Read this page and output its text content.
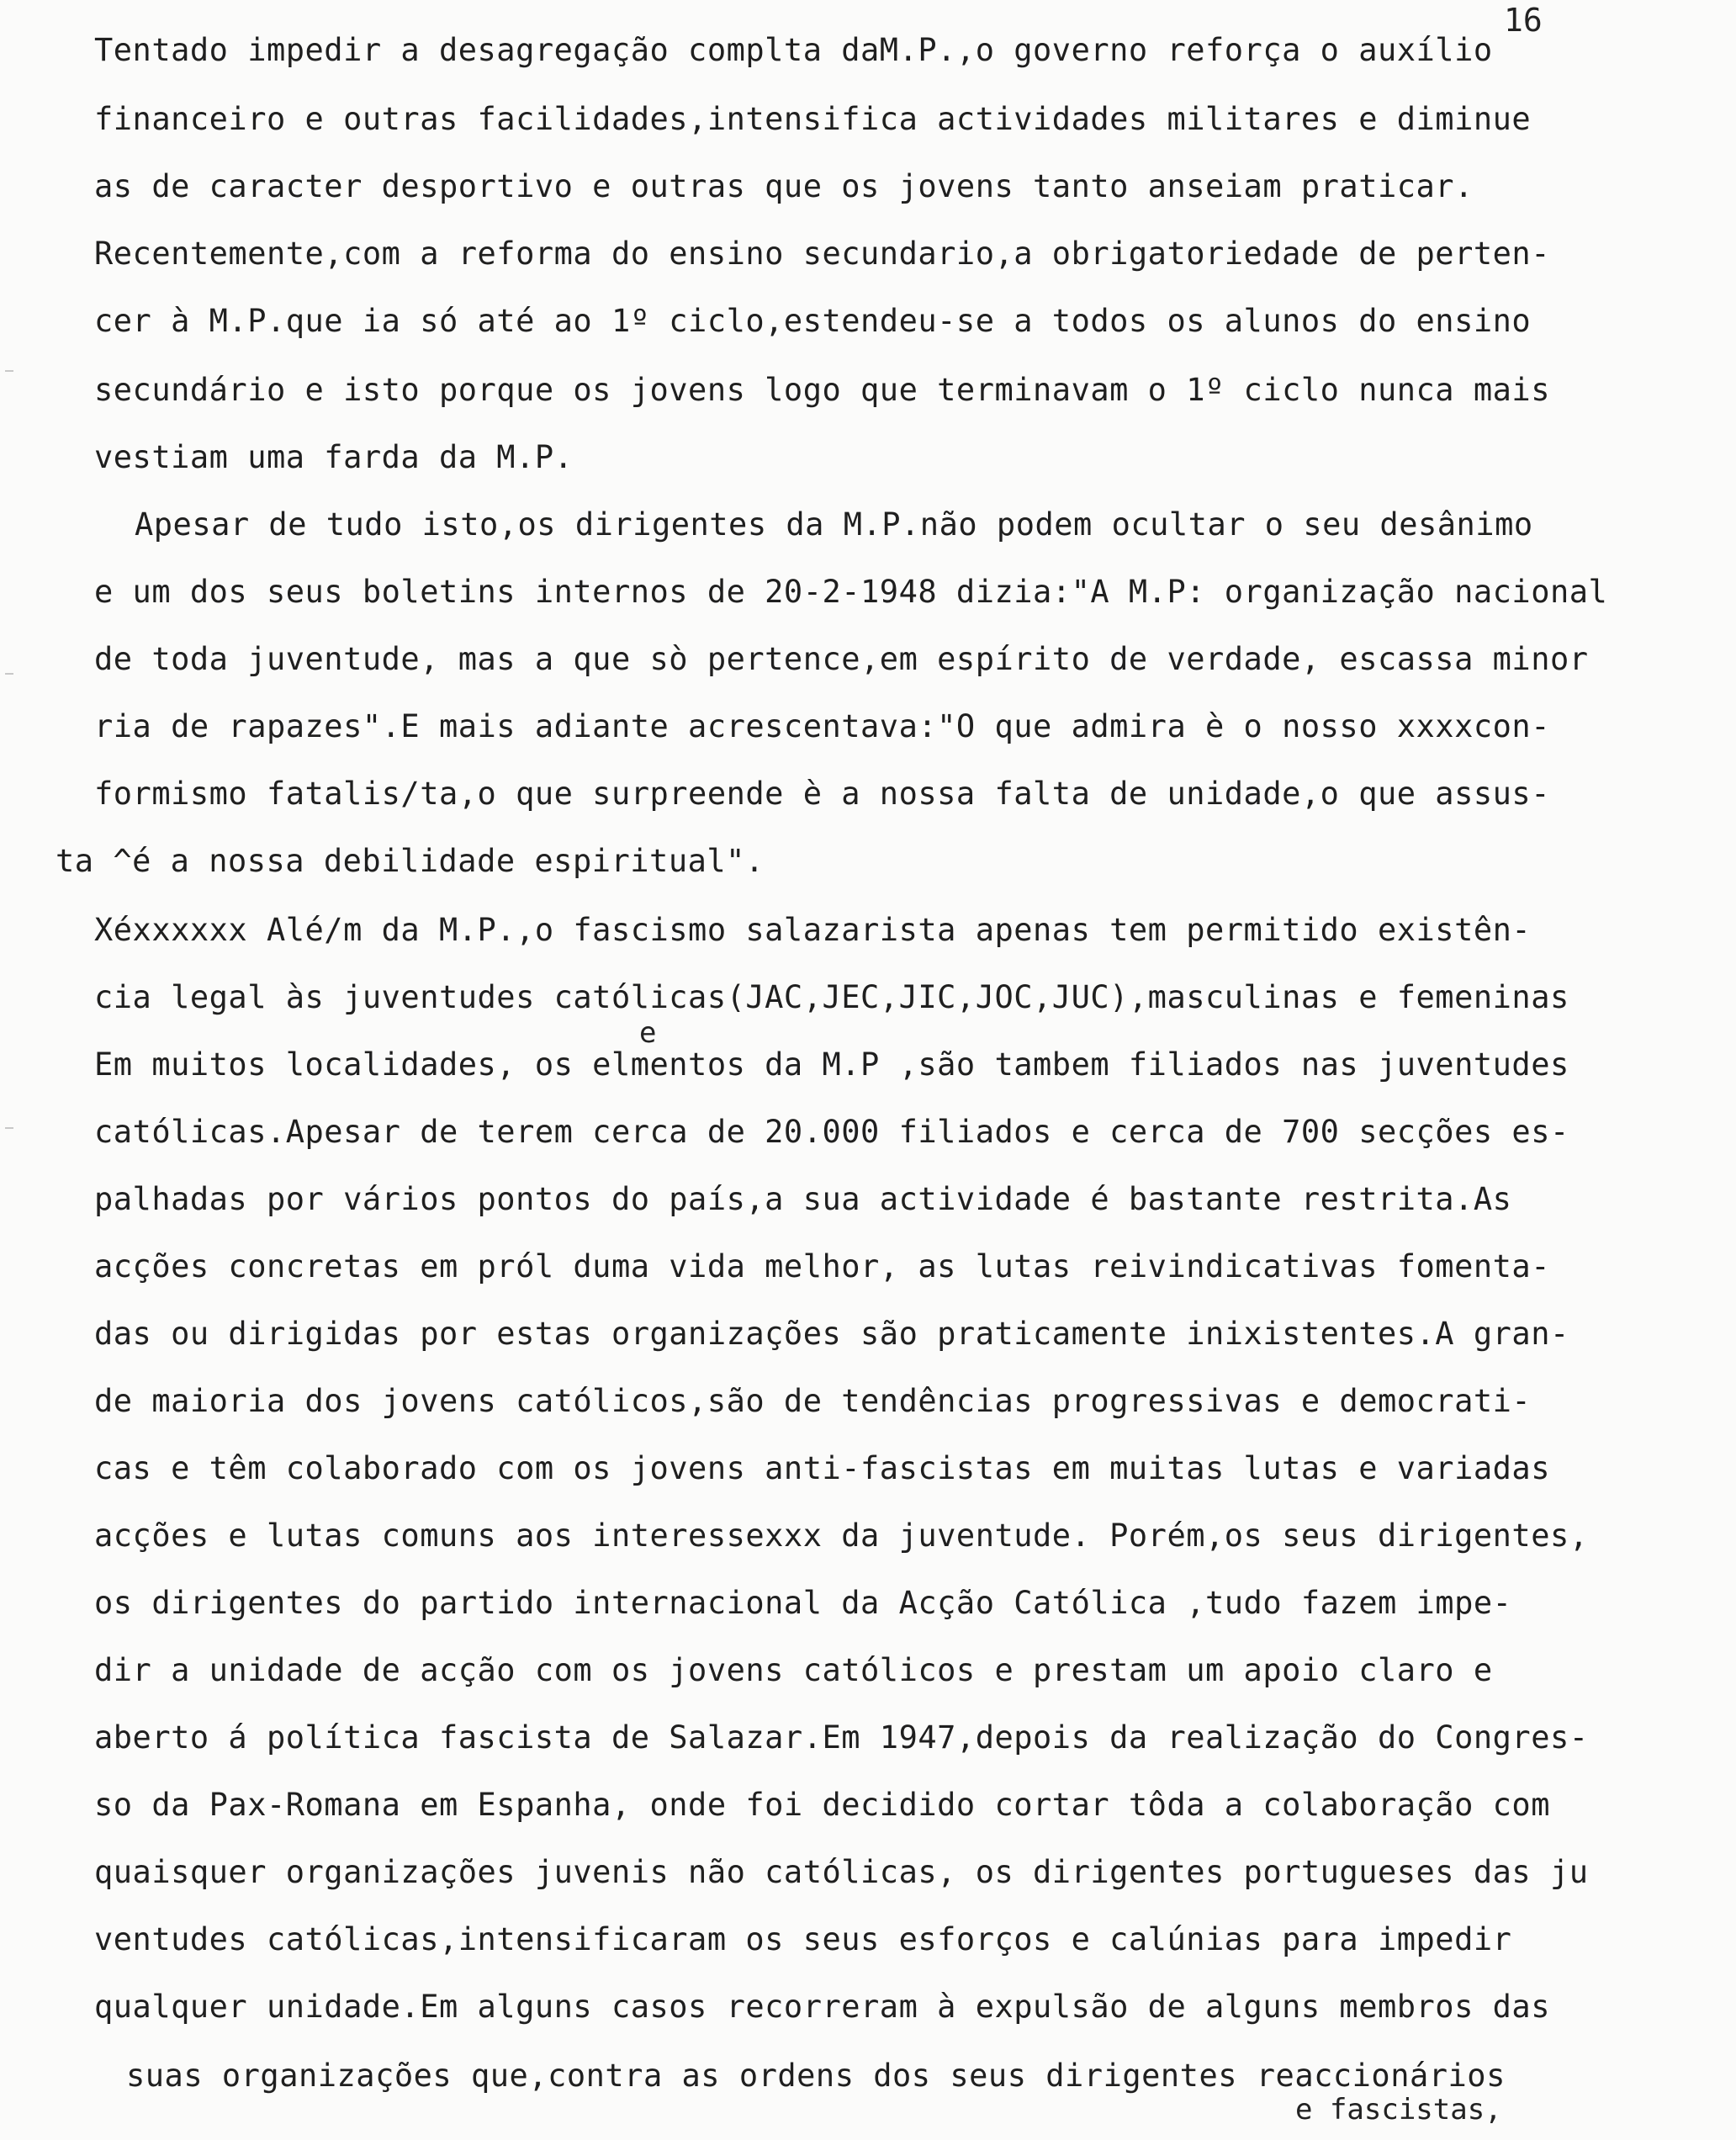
16
Tentado impedir a desagregação complta daM.P.,o governo reforça o auxílio
financeiro e outras facilidades,intensifica actividades militares e diminue
as de caracter desportivo e outras que os jovens tanto anseiam praticar.
Recentemente,com a reforma do ensino secundario,a obrigatoriedade de perten-
cer à M.P.que ia só até ao 1º ciclo,estendeu-se a todos os alunos do ensino
secundário e isto porque os jovens logo que terminavam o 1º ciclo nunca mais
vestiam uma farda da M.P.
Apesar de tudo isto,os dirigentes da M.P.não podem ocultar o seu desânimo
e um dos seus boletins internos de 20-2-1948 dizia:"A M.P: organização nacional
de toda juventude, mas a que sò pertence,em espírito de verdade, escassa minor
ria de rapazes".E mais adiante acrescentava:"O que admira è o nosso xxxxcon-
formismo fatalis/ta,o que surpreende è a nossa falta de unidade,o que assus-
ta ^é a nossa debilidade espiritual".
Xéxxxxxx Alé/m da M.P.,o fascismo salazarista apenas tem permitido existên-
cia legal às juventudes católicas(JAC,JEC,JIC,JOC,JUC),masculinas e femeninas
e
Em muitos localidades, os elmentos da M.P ,são tambem filiados nas juventudes
católicas.Apesar de terem cerca de 20.000 filiados e cerca de 700 secções es-
palhadas por vários pontos do país,a sua actividade é bastante restrita.As
acções concretas em pról duma vida melhor, as lutas reivindicativas fomenta-
das ou dirigidas por estas organizações são praticamente inixistentes.A gran-
de maioria dos jovens católicos,são de tendências progressivas e democrati-
cas e têm colaborado com os jovens anti-fascistas em muitas lutas e variadas
acções e lutas comuns aos interessexxx da juventude. Porém,os seus dirigentes,
os dirigentes do partido internacional da Acção Católica ,tudo fazem impe-
dir a unidade de acção com os jovens católicos e prestam um apoio claro e
aberto á política fascista de Salazar.Em 1947,depois da realização do Congres-
so da Pax-Romana em Espanha, onde foi decidido cortar tôda a colaboração com
quaisquer organizações juvenis não católicas, os dirigentes portugueses das ju
ventudes católicas,intensificaram os seus esforços e calúnias para impedir
qualquer unidade.Em alguns casos recorreram à expulsão de alguns membros das
suas organizações que,contra as ordens dos seus dirigentes reaccionários
e fascistas,
